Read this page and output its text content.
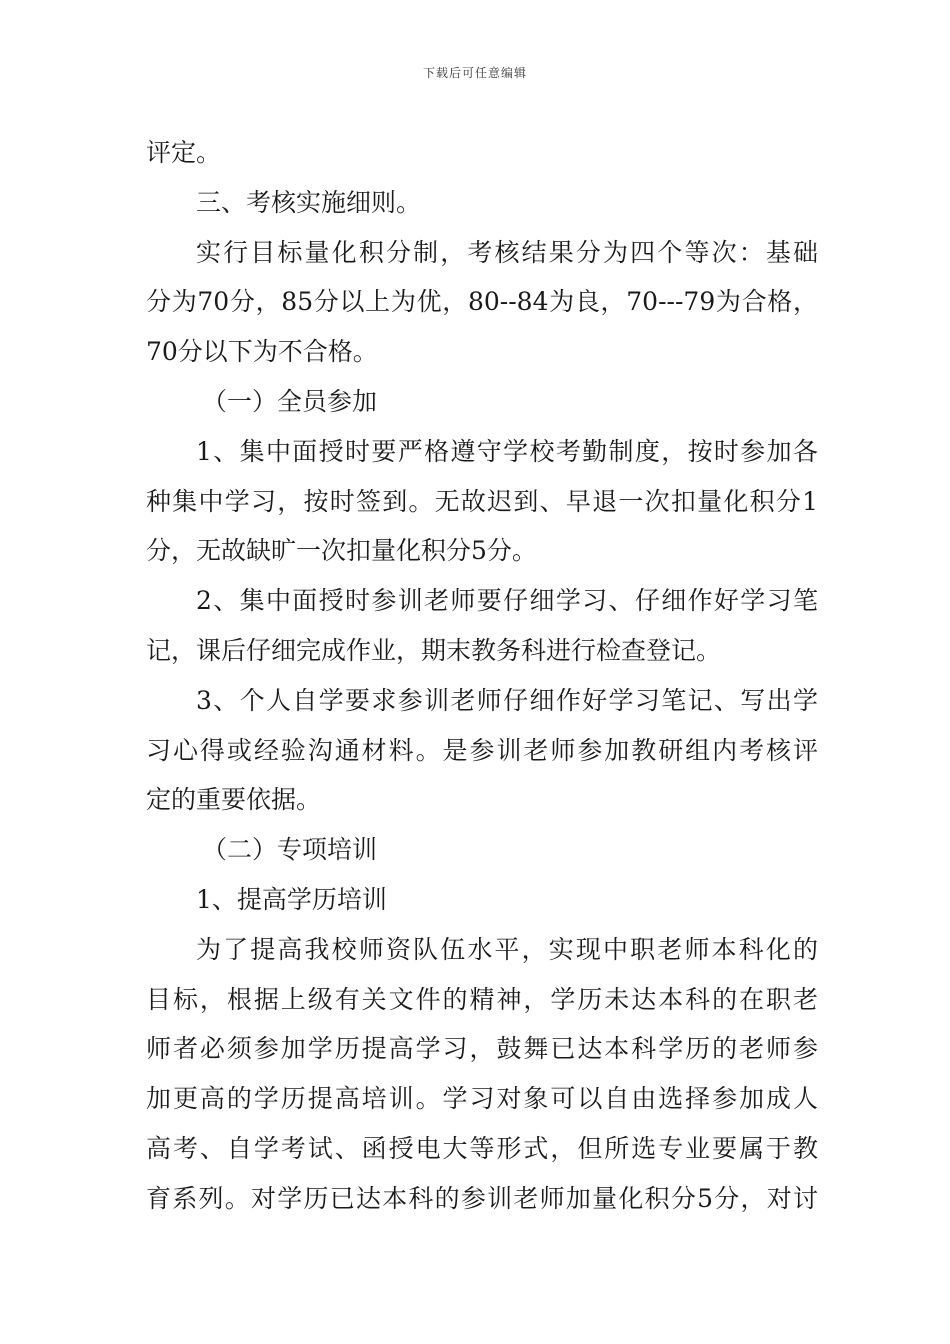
下载后可任意编辑
评定。
三、考核实施细则。
实行目标量化积分制，考核结果分为四个等次：基础
分为70分，85分以上为优，80--84为良，70---79为合格，
70分以下为不合格。
（一）全员参加
1、集中面授时要严格遵守学校考勤制度，按时参加各
种集中学习，按时签到。无故迟到、早退一次扣量化积分1
分，无故缺旷一次扣量化积分5分。
2、集中面授时参训老师要仔细学习、仔细作好学习笔
记，课后仔细完成作业，期末教务科进行检查登记。
3、个人自学要求参训老师仔细作好学习笔记、写出学
习心得或经验沟通材料。是参训老师参加教研组内考核评
定的重要依据。
（二）专项培训
1、提高学历培训
为了提高我校师资队伍水平，实现中职老师本科化的
目标，根据上级有关文件的精神，学历未达本科的在职老
师者必须参加学历提高学习，鼓舞已达本科学历的老师参
加更高的学历提高培训。学习对象可以自由选择参加成人
高考、自学考试、函授电大等形式，但所选专业要属于教
育系列。对学历已达本科的参训老师加量化积分5分，对讨
